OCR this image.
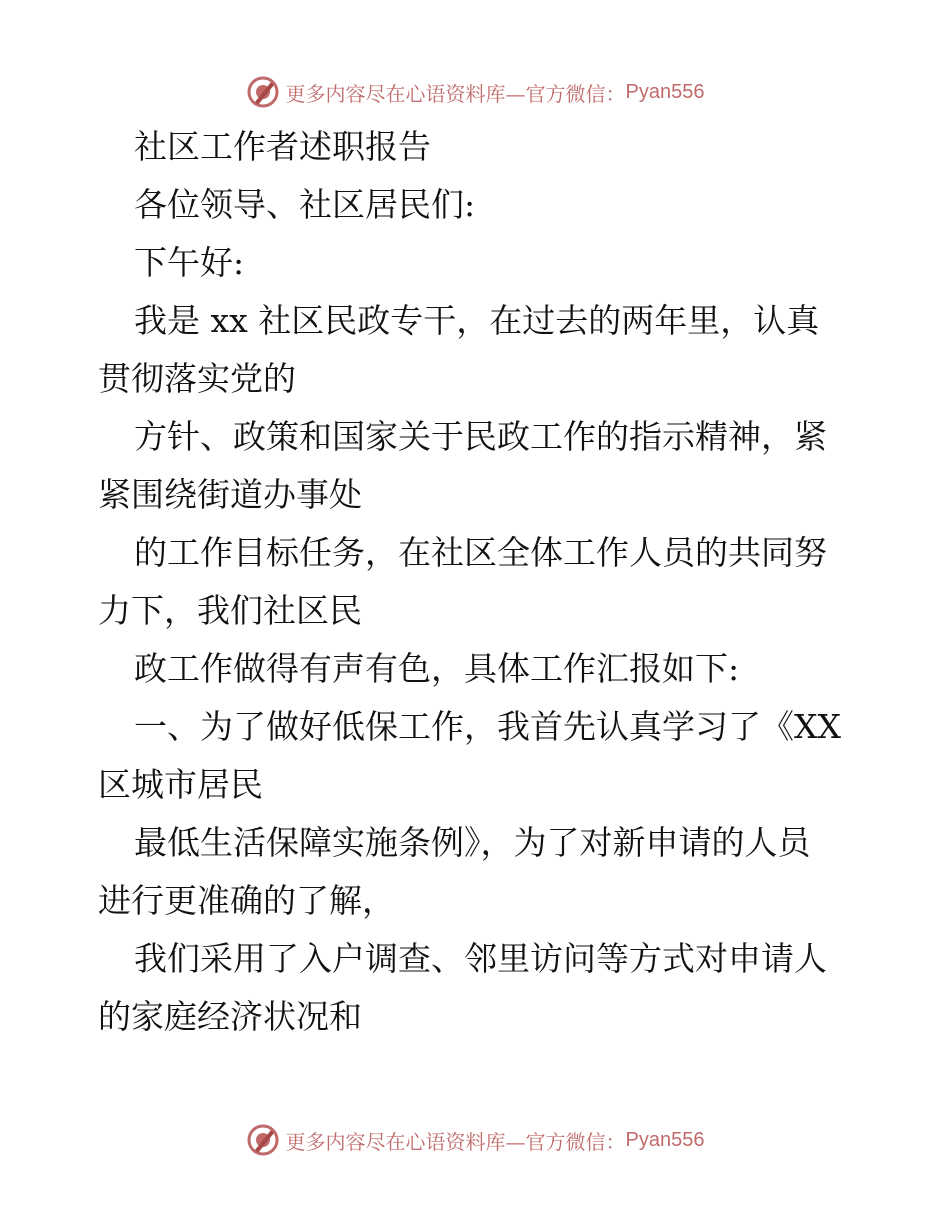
更多内容尽在心语资料库—官方微信： Pyan556
社区工作者述职报告
各位领导、社区居民们:
下午好:
我是 xx 社区民政专干，在过去的两年里，认真
贯彻落实党的
方针、政策和国家关于民政工作的指示精神，紧
紧围绕街道办事处
的工作目标任务，在社区全体工作人员的共同努
力下，我们社区民
政工作做得有声有色，具体工作汇报如下:
一、为了做好低保工作，我首先认真学习了《XX
区城市居民
最低生活保障实施条例》，为了对新申请的人员
进行更准确的了解，
我们采用了入户调查、邻里访问等方式对申请人
的家庭经济状况和
更多内容尽在心语资料库—官方微信： Pyan556
